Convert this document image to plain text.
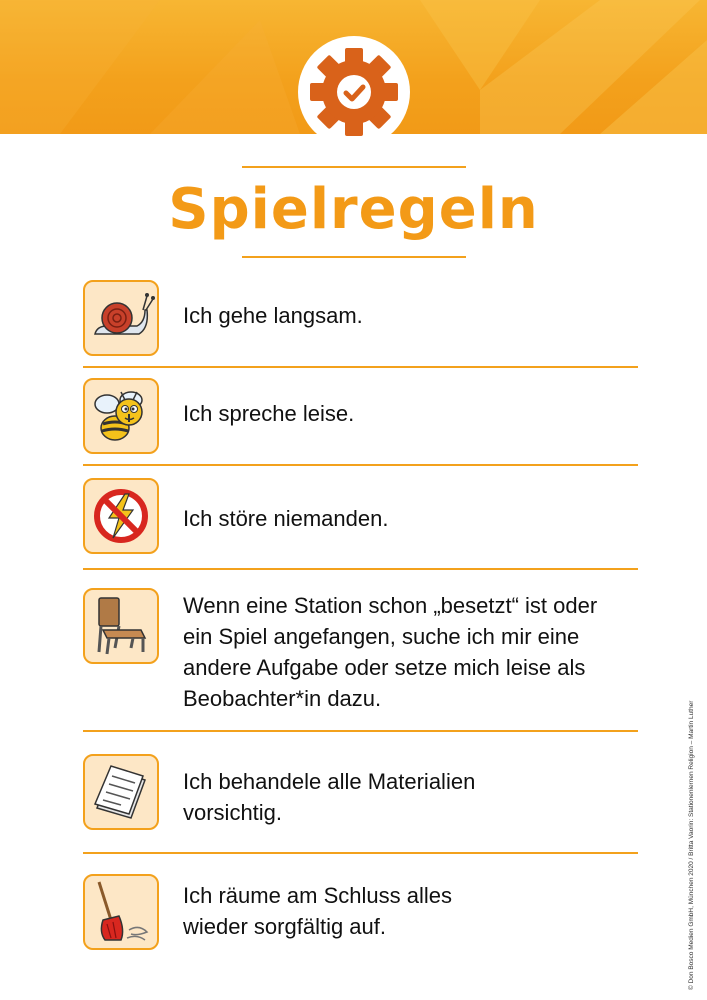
Spielregeln
Ich gehe langsam.
Ich spreche leise.
Ich störe niemanden.
Wenn eine Station schon „besetzt“ ist oder
ein Spiel angefangen, suche ich mir eine
andere Aufgabe oder setze mich leise als
Beobachter*in dazu.
Ich behandele alle Materialien
vorsichtig.
Ich räume am Schluss alles
wieder sorgfältig auf.	© Don Bosco Medien GmbH, München 2020 / Britta Vaorin: Stationenlernen Religion – Martin Luther
